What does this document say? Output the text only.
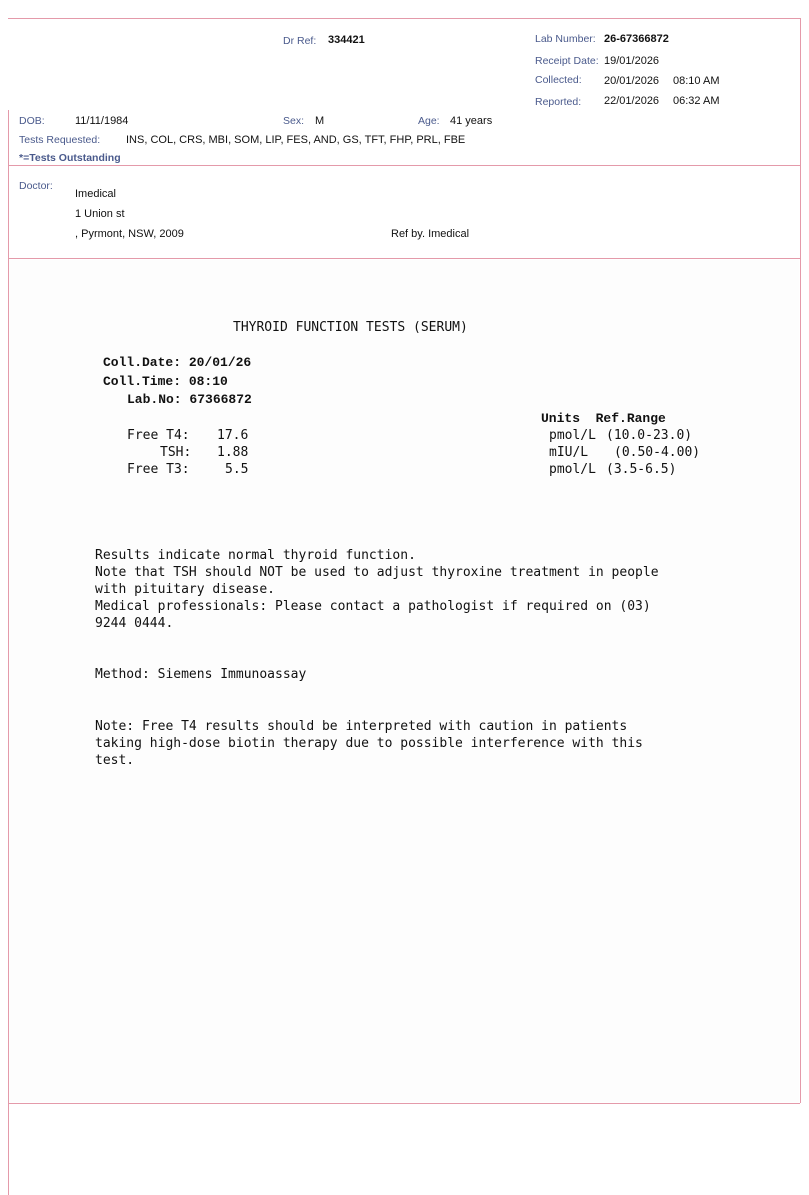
Dr Ref: 334421	Lab Number: 26-67366872
Receipt Date: 19/01/2026
Collected: 20/01/2026 08:10 AM
Reported: 22/01/2026 06:32 AM
DOB:	11/11/1984	Sex: M	Age: 41 years
Tests Requested: INS, COL, CRS, MBI, SOM, LIP, FES, AND, GS, TFT, FHP, PRL, FBE
*=Tests Outstanding
Doctor:
Imedical
1 Union st
, Pyrmont, NSW, 2009	Ref by. Imedical
THYROID FUNCTION TESTS (SERUM)
Coll.Date: 20/01/26
Coll.Time: 08:10
Lab.No: 67366872
Units  Ref.Range
Free T4: 17.6	pmol/L (10.0-23.0)
TSH: 1.88	mIU/L (0.50-4.00)
Free T3:	5.5	pmol/L (3.5-6.5)
Results indicate normal thyroid function.
Note that TSH should NOT be used to adjust thyroxine treatment in people
with pituitary disease.
Medical professionals: Please contact a pathologist if required on (03)
9244 0444.
Method: Siemens Immunoassay
Note: Free T4 results should be interpreted with caution in patients
taking high-dose biotin therapy due to possible interference with this
test.
